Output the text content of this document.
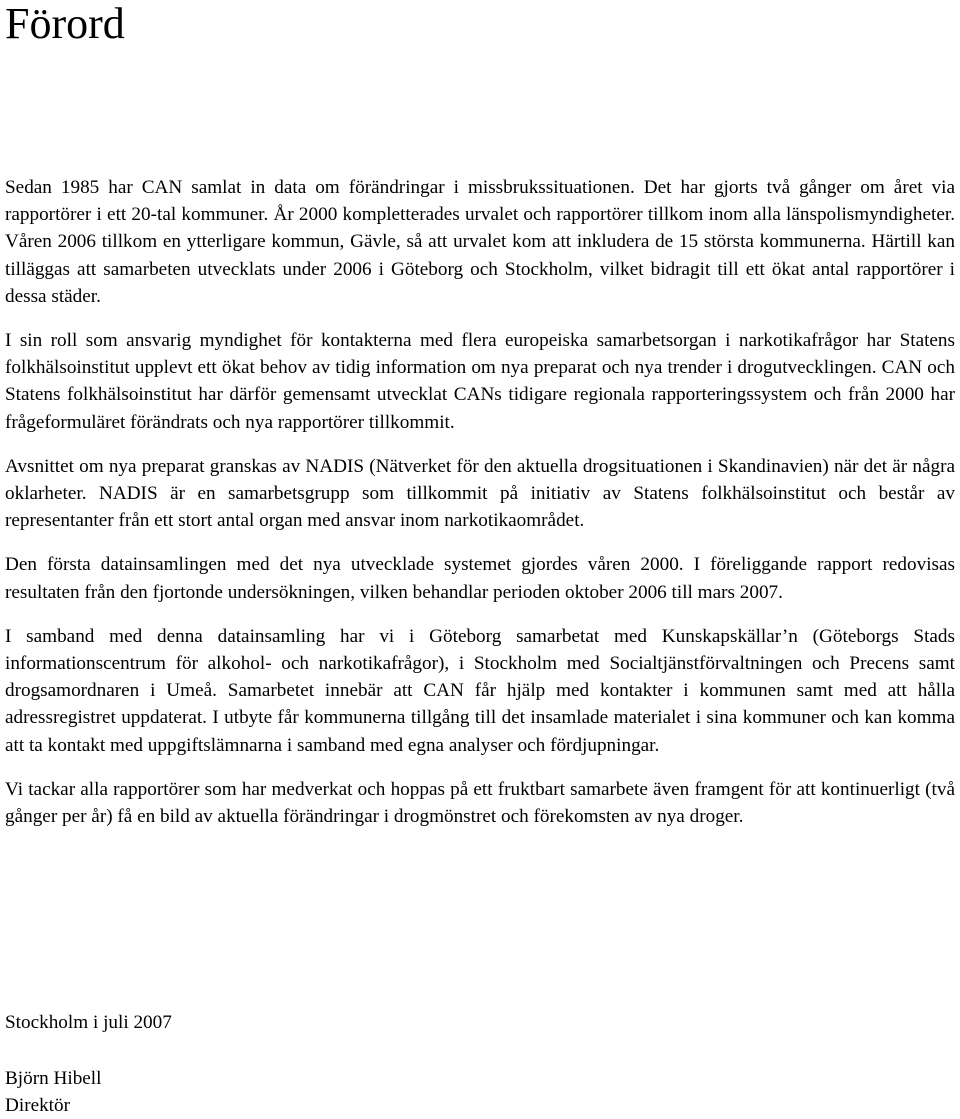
Förord

Sedan 1985 har CAN samlat in data om förändringar i missbrukssituationen. Det har gjorts två gånger om året via rapportörer i ett 20-tal kommuner. År 2000 kompletterades urvalet och rapportörer tillkom inom alla länspolismyndigheter. Våren 2006 tillkom en ytterligare kommun, Gävle, så att urvalet kom att inkludera de 15 största kommunerna. Härtill kan tilläggas att samarbeten utvecklats under 2006 i Göteborg och Stockholm, vilket bidragit till ett ökat antal rapportörer i dessa städer.

I sin roll som ansvarig myndighet för kontakterna med flera europeiska samarbetsorgan i narkotikafrågor har Statens folkhälsoinstitut upplevt ett ökat behov av tidig information om nya preparat och nya trender i drogutvecklingen. CAN och Statens folkhälsoinstitut har därför gemensamt utvecklat CANs tidigare regionala rapporteringssystem och från 2000 har frågeformuläret förändrats och nya rapportörer tillkommit.

Avsnittet om nya preparat granskas av NADIS (Nätverket för den aktuella drogsituationen i Skandinavien) när det är några oklarheter. NADIS är en samarbetsgrupp som tillkommit på initiativ av Statens folkhälsoinstitut och består av representanter från ett stort antal organ med ansvar inom narkotikaområdet.

Den första datainsamlingen med det nya utvecklade systemet gjordes våren 2000. I föreliggande rapport redovisas resultaten från den fjortonde undersökningen, vilken behandlar perioden oktober 2006 till mars 2007.

I samband med denna datainsamling har vi i Göteborg samarbetat med Kunskapskällar’n (Göteborgs Stads informationscentrum för alkohol- och narkotikafrågor), i Stockholm med Socialtjänstförvaltningen och Precens samt drogsamordnaren i Umeå. Samarbetet innebär att CAN får hjälp med kontakter i kommunen samt med att hålla adressregistret uppdaterat. I utbyte får kommunerna tillgång till det insamlade materialet i sina kommuner och kan komma att ta kontakt med uppgiftslämnarna i samband med egna analyser och fördjupningar.

Vi tackar alla rapportörer som har medverkat och hoppas på ett fruktbart samarbete även framgent för att kontinuerligt (två gånger per år) få en bild av aktuella förändringar i drogmönstret och förekomsten av nya droger.

Stockholm i juli 2007

Björn Hibell
Direktör
